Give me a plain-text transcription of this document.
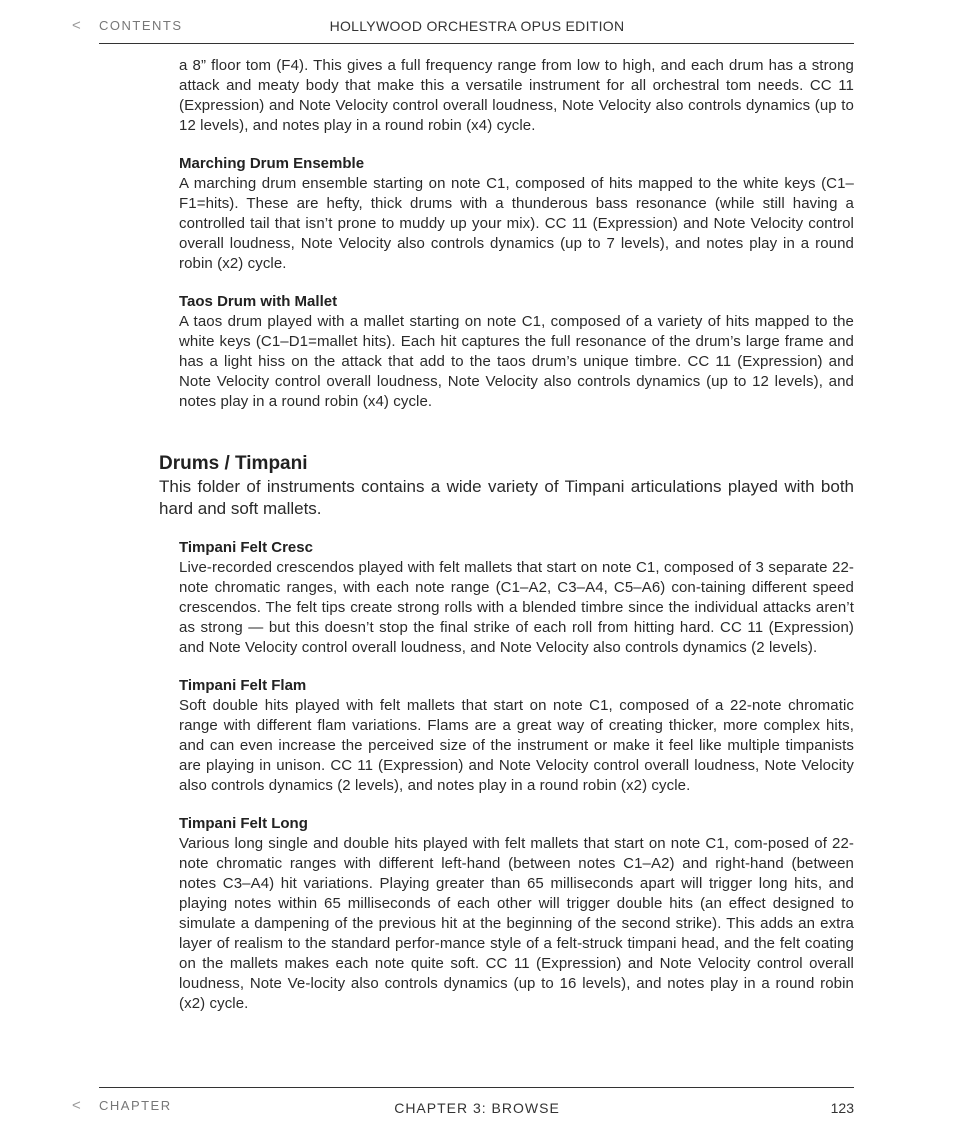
< CONTENTS	HOLLYWOOD ORCHESTRA OPUS EDITION

a 8” floor tom (F4). This gives a full frequency range from low to high, and each drum has a strong attack and meaty body that make this a versatile instrument for all orchestral tom needs. CC 11 (Expression) and Note Velocity control overall loudness, Note Velocity also controls dynamics (up to 12 levels), and notes play in a round robin (x4) cycle.

Marching Drum Ensemble

A marching drum ensemble starting on note C1, composed of hits mapped to the white keys (C1–F1=hits). These are hefty, thick drums with a thunderous bass resonance (while still having a controlled tail that isn’t prone to muddy up your mix). CC 11 (Expression) and Note Velocity control overall loudness, Note Velocity also controls dynamics (up to 7 levels), and notes play in a round robin (x2) cycle.

Taos Drum with Mallet

A taos drum played with a mallet starting on note C1, composed of a variety of hits mapped to the white keys (C1–D1=mallet hits). Each hit captures the full resonance of the drum’s large frame and has a light hiss on the attack that add to the taos drum’s unique timbre. CC 11 (Expression) and Note Velocity control overall loudness, Note Velocity also controls dynamics (up to 12 levels), and notes play in a round robin (x4) cycle.

Drums / Timpani

This folder of instruments contains a wide variety of Timpani articulations played with both hard and soft mallets.

Timpani Felt Cresc

Live-recorded crescendos played with felt mallets that start on note C1, composed of 3 separate 22-note chromatic ranges, with each note range (C1–A2, C3–A4, C5–A6) con-taining different speed crescendos. The felt tips create strong rolls with a blended timbre since the individual attacks aren’t as strong — but this doesn’t stop the final strike of each roll from hitting hard. CC 11 (Expression) and Note Velocity control overall loudness, and Note Velocity also controls dynamics (2 levels).

Timpani Felt Flam

Soft double hits played with felt mallets that start on note C1, composed of a 22-note chromatic range with different flam variations. Flams are a great way of creating thicker, more complex hits, and can even increase the perceived size of the instrument or make it feel like multiple timpanists are playing in unison. CC 11 (Expression) and Note Velocity control overall loudness, Note Velocity also controls dynamics (2 levels), and notes play in a round robin (x2) cycle.

Timpani Felt Long

Various long single and double hits played with felt mallets that start on note C1, com-posed of 22-note chromatic ranges with different left-hand (between notes C1–A2) and right-hand (between notes C3–A4) hit variations. Playing greater than 65 milliseconds apart will trigger long hits, and playing notes within 65 milliseconds of each other will trigger double hits (an effect designed to simulate a dampening of the previous hit at the beginning of the second strike). This adds an extra layer of realism to the standard perfor-mance style of a felt-struck timpani head, and the felt coating on the mallets makes each note quite soft. CC 11 (Expression) and Note Velocity control overall loudness, Note Ve-locity also controls dynamics (up to 16 levels), and notes play in a round robin (x2) cycle.

< CHAPTER	CHAPTER 3: BROWSE	123
